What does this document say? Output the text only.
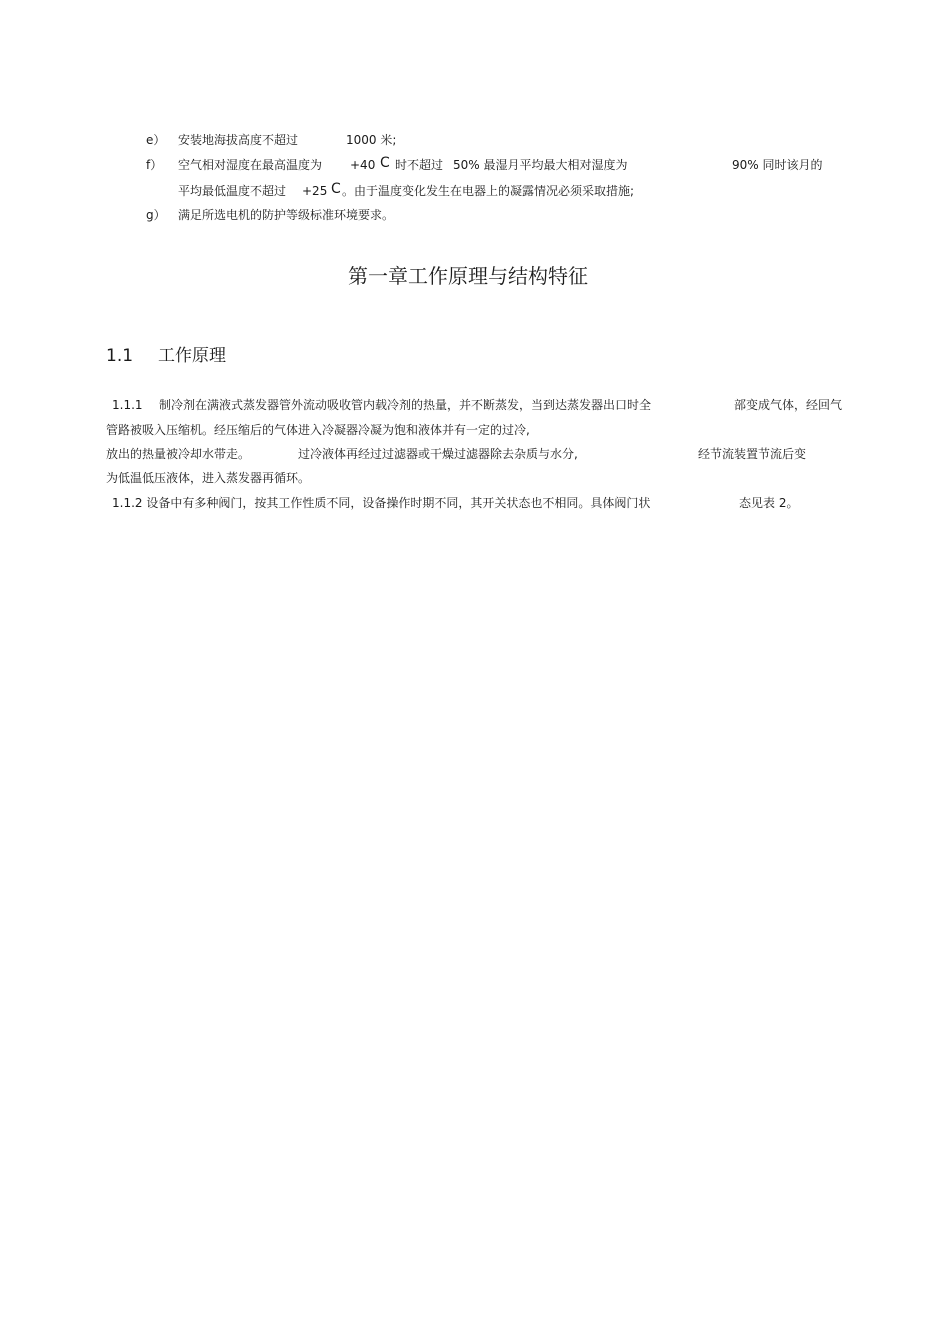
e） 安装地海拔高度不超过	1000 米;
f） 空气相对湿度在最高温度为 +40 C 时不超过 50% 最湿月平均最大相对湿度为	90% 同时该月的
平均最低温度不超过 +25 C 。由于温度变化发生在电器上的凝露情况必须采取措施;
g） 满足所选电机的防护等级标准环境要求。
第一章工作原理与结构特征
1.1 工作原理
1.1.1 制冷剂在满液式蒸发器管外流动吸收管内载冷剂的热量，并不断蒸发，当到达蒸发器出口时全	部变成气体，经回气
管路被吸入压缩机。经压缩后的气体进入冷凝器冷凝为饱和液体并有一定的过冷,
放出的热量被冷却水带走。	过冷液体再经过过滤器或干燥过滤器除去杂质与水分,	经节流装置节流后变
为低温低压液体，进入蒸发器再循环。
1.1.2 设备中有多种阀门，按其工作性质不同，设备操作时期不同，其开关状态也不相同。具体阀门状	态见表 2。
